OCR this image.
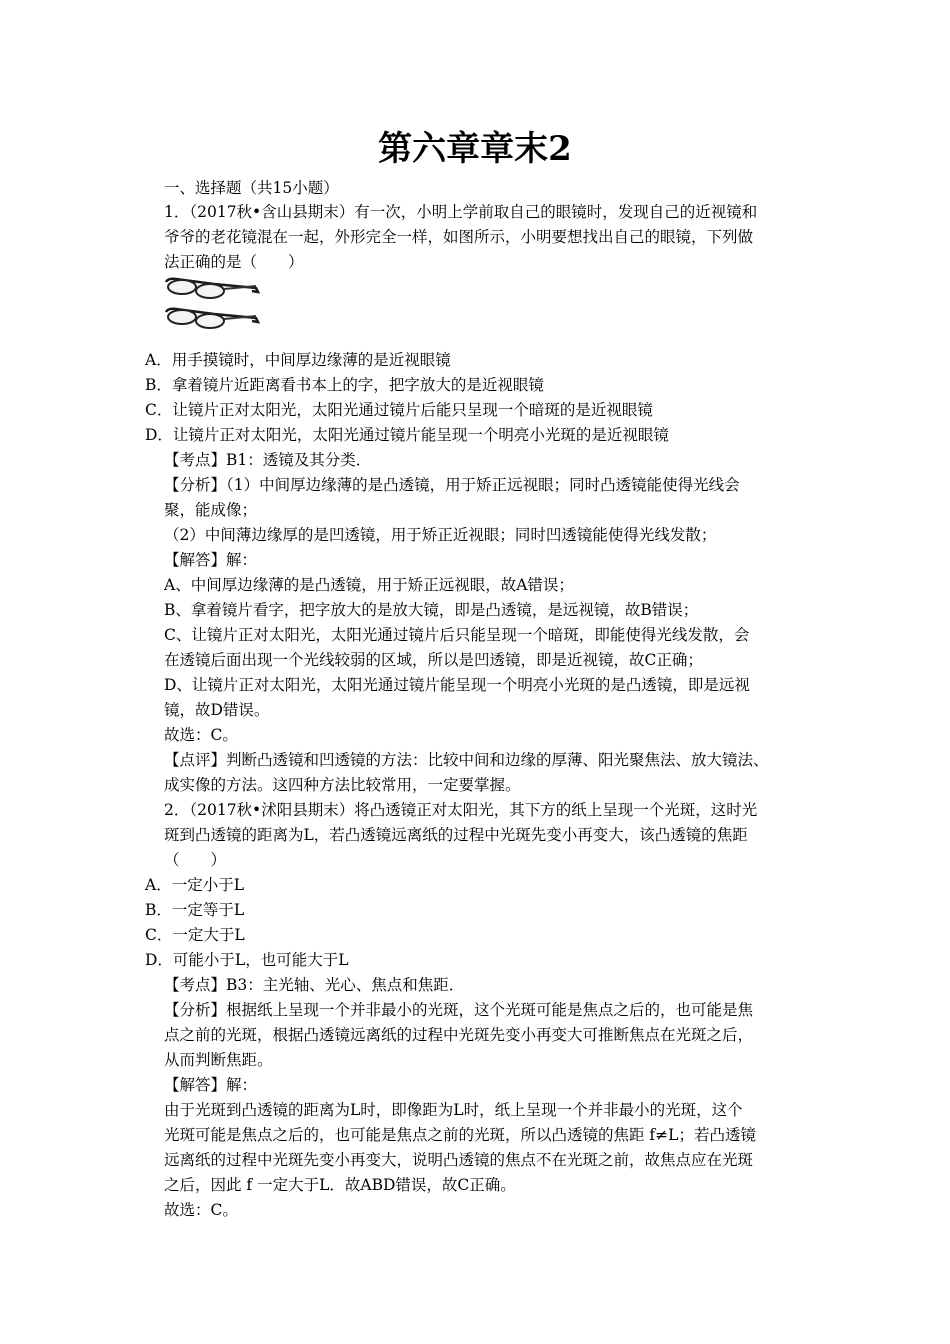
第六章章末2
一、选择题（共15小题）
1．（2017秋•含山县期末）有一次，小明上学前取自己的眼镜时，发现自己的近视镜和
爷爷的老花镜混在一起，外形完全一样，如图所示，小明要想找出自己的眼镜，下列做
法正确的是（　　）
A．用手摸镜时，中间厚边缘薄的是近视眼镜
B．拿着镜片近距离看书本上的字，把字放大的是近视眼镜
C．让镜片正对太阳光，太阳光通过镜片后能只呈现一个暗斑的是近视眼镜
D．让镜片正对太阳光，太阳光通过镜片能呈现一个明亮小光斑的是近视眼镜
【考点】B1：透镜及其分类．
【分析】（1）中间厚边缘薄的是凸透镜，用于矫正远视眼；同时凸透镜能使得光线会
聚，能成像；
（2）中间薄边缘厚的是凹透镜，用于矫正近视眼；同时凹透镜能使得光线发散；
【解答】解：
A、中间厚边缘薄的是凸透镜，用于矫正远视眼，故A错误；
B、拿着镜片看字，把字放大的是放大镜，即是凸透镜，是远视镜，故B错误；
C、让镜片正对太阳光，太阳光通过镜片后只能呈现一个暗斑，即能使得光线发散，会
在透镜后面出现一个光线较弱的区域，所以是凹透镜，即是近视镜，故C正确；
D、让镜片正对太阳光，太阳光通过镜片能呈现一个明亮小光斑的是凸透镜，即是远视
镜，故D错误。
故选：C。
【点评】判断凸透镜和凹透镜的方法：比较中间和边缘的厚薄、阳光聚焦法、放大镜法、
成实像的方法。这四种方法比较常用，一定要掌握。
2．（2017秋•沭阳县期末）将凸透镜正对太阳光，其下方的纸上呈现一个光斑，这时光
斑到凸透镜的距离为L，若凸透镜远离纸的过程中光斑先变小再变大，该凸透镜的焦距
（　　）
A．一定小于L
B．一定等于L
C．一定大于L
D．可能小于L，也可能大于L
【考点】B3：主光轴、光心、焦点和焦距．
【分析】根据纸上呈现一个并非最小的光斑，这个光斑可能是焦点之后的，也可能是焦
点之前的光斑，根据凸透镜远离纸的过程中光斑先变小再变大可推断焦点在光斑之后，
从而判断焦距。
【解答】解：
由于光斑到凸透镜的距离为L时，即像距为L时，纸上呈现一个并非最小的光斑，这个
光斑可能是焦点之后的，也可能是焦点之前的光斑，所以凸透镜的焦距 f≠L；若凸透镜
远离纸的过程中光斑先变小再变大，说明凸透镜的焦点不在光斑之前，故焦点应在光斑
之后，因此 f 一定大于L．故ABD错误，故C正确。
故选：C。
